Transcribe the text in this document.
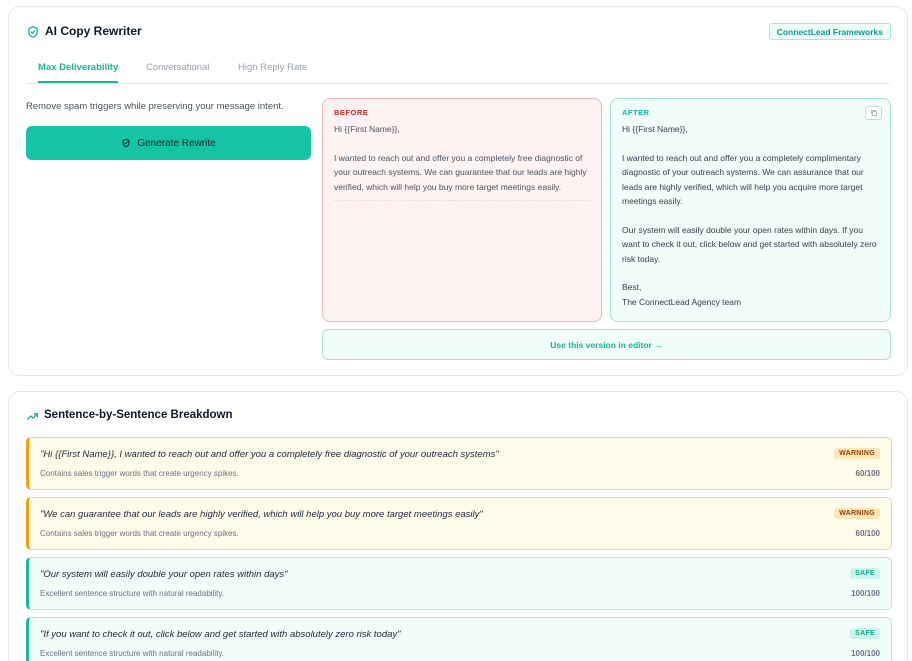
AI Copy Rewriter	ConnectLead Frameworks
Max Deliverability	Conversational	High Reply Rate
Remove spam triggers while preserving your message intent.
Generate Rewrite
BEFORE
Hi {{First Name}},

I wanted to reach out and offer you a completely free diagnostic of your outreach systems. We can guarantee that our leads are highly verified, which will help you buy more target meetings easily.
AFTER
Hi {{First Name}},

I wanted to reach out and offer you a completely complimentary diagnostic of your outreach systems. We can assurance that our leads are highly verified, which will help you acquire more target meetings easily.

Our system will easily double your open rates within days. If you want to check it out, click below and get started with absolutely zero risk today.

Best,
The ConnectLead Agency team
Use this version in editor →
Sentence-by-Sentence Breakdown
"Hi {{First Name}}, I wanted to reach out and offer you a completely free diagnostic of your outreach systems"
Contains sales trigger words that create urgency spikes.
WARNING
60/100
"We can guarantee that our leads are highly verified, which will help you buy more target meetings easily"
Contains sales trigger words that create urgency spikes.
WARNING
60/100
"Our system will easily double your open rates within days"
Excellent sentence structure with natural readability.
SAFE
100/100
"If you want to check it out, click below and get started with absolutely zero risk today"
Excellent sentence structure with natural readability.
SAFE
100/100
